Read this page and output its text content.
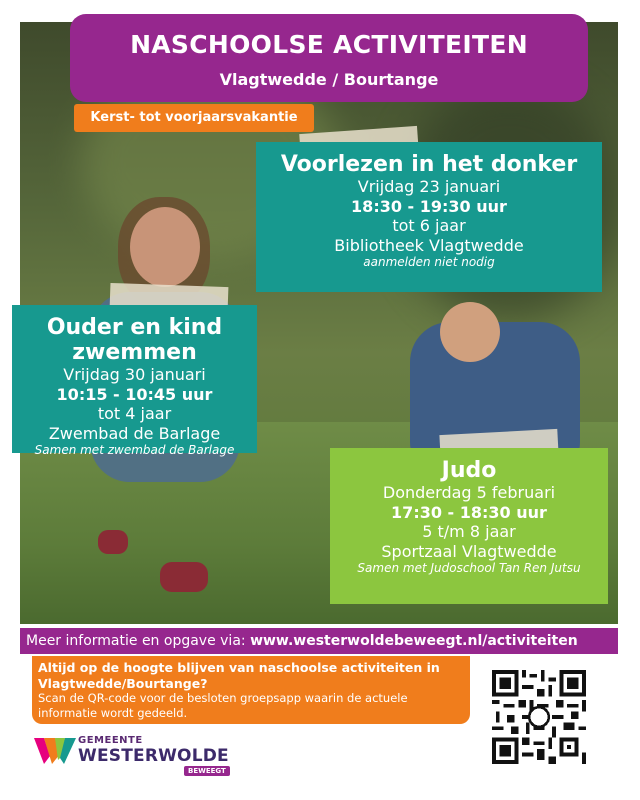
NASCHOOLSE ACTIVITEITEN
Vlagtwedde / Bourtange
Kerst- tot voorjaarsvakantie
Voorlezen in het donker
Vrijdag 23 januari
18:30 - 19:30 uur
tot 6 jaar
Bibliotheek Vlagtwedde
aanmelden niet nodig
Ouder en kind zwemmen
Vrijdag 30 januari
10:15 - 10:45 uur
tot 4 jaar
Zwembad de Barlage
Samen met zwembad de Barlage
Judo
Donderdag 5 februari
17:30 - 18:30 uur
5 t/m 8 jaar
Sportzaal Vlagtwedde
Samen met Judoschool Tan Ren Jutsu
Meer informatie en opgave via: www.westerwoldebeweegt.nl/activiteiten
Altijd op de hoogte blijven van naschoolse activiteiten in Vlagtwedde/Bourtange?
Scan de QR-code voor de besloten groepsapp waarin de actuele informatie wordt gedeeld.
GEMEENTE
WESTERWOLDE
BEWEEGT
